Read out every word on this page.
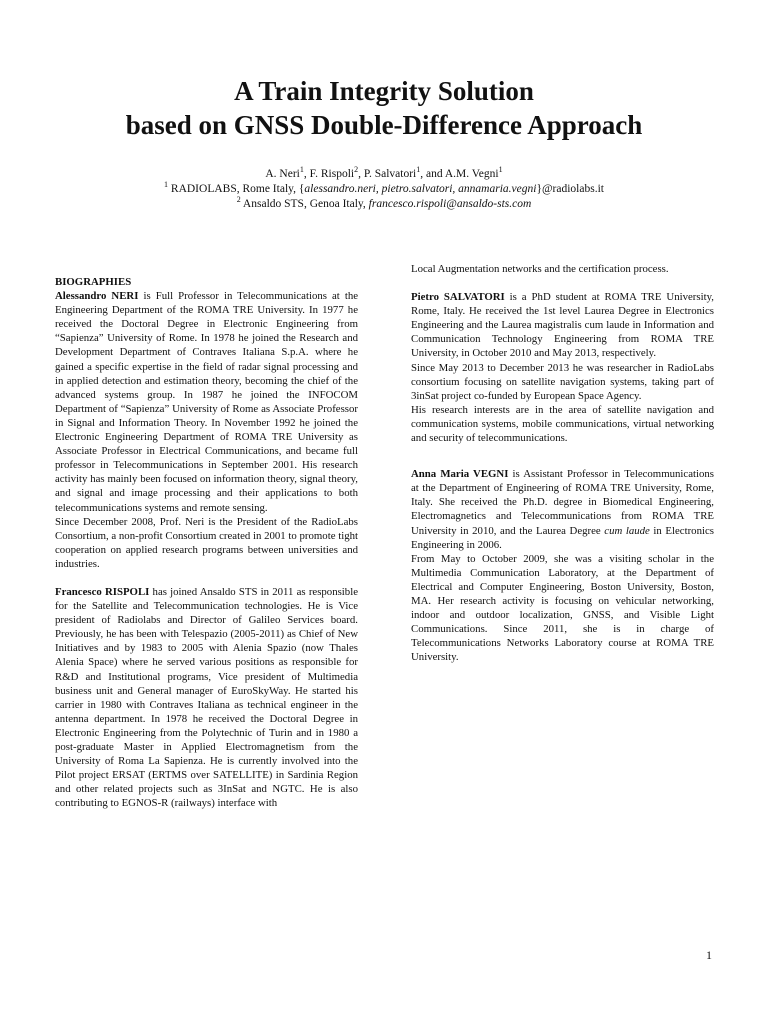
A Train Integrity Solution
based on GNSS Double-Difference Approach
A. Neri$^1$, F. Rispoli$^2$, P. Salvatori$^1$, and A.M. Vegni$^1$
$^1$ RADIOLABS, Rome Italy, {alessandro.neri, pietro.salvatori, annamaria.vegni}@radiolabs.it
$^2$ Ansaldo STS, Genoa Italy, francesco.rispoli@ansaldo-sts.com

BIOGRAPHIES

Alessandro NERI is Full Professor in Telecommunications at the Engineering Department of the ROMA TRE University. In 1977 he received the Doctoral Degree in Electronic Engineering from “Sapienza” University of Rome. In 1978 he joined the Research and Development Department of Contraves Italiana S.p.A. where he gained a specific expertise in the field of radar signal processing and in applied detection and estimation theory, becoming the chief of the advanced systems group. In 1987 he joined the INFOCOM Department of “Sapienza” University of Rome as Associate Professor in Signal and Information Theory. In November 1992 he joined the Electronic Engineering Department of ROMA TRE University as Associate Professor in Electrical Communications, and became full professor in Telecommunications in September 2001. His research activity has mainly been focused on information theory, signal theory, and signal and image processing and their applications to both telecommunications systems and remote sensing.

Since December 2008, Prof. Neri is the President of the RadioLabs Consortium, a non-profit Consortium created in 2001 to promote tight cooperation on applied research programs between universities and industries.

Francesco RISPOLI has joined Ansaldo STS in 2011 as responsible for the Satellite and Telecommunication technologies. He is Vice president of Radiolabs and Director of Galileo Services board. Previously, he has been with Telespazio (2005-2011) as Chief of New Initiatives and by 1983 to 2005 with Alenia Spazio (now Thales Alenia Space) where he served various positions as responsible for R&D and Institutional programs, Vice president of Multimedia business unit and General manager of EuroSkyWay. He started his carrier in 1980 with Contraves Italiana as technical engineer in the antenna department. In 1978 he received the Doctoral Degree in Electronic Engineering from the Polytechnic of Turin and in 1980 a post-graduate Master in Applied Electromagnetism from the University of Roma La Sapienza. He is currently involved into the Pilot project ERSAT (ERTMS over SATELLITE) in Sardinia Region and other related projects such as 3InSat and NGTC. He is also contributing to EGNOS-R (railways) interface with

Local Augmentation networks and the certification process.

Pietro SALVATORI is a PhD student at ROMA TRE University, Rome, Italy. He received the 1st level Laurea Degree in Electronics Engineering and the Laurea magistralis cum laude in Information and Communication Technology Engineering from ROMA TRE University, in October 2010 and May 2013, respectively.

Since May 2013 to December 2013 he was researcher in RadioLabs consortium focusing on satellite navigation systems, taking part of 3inSat project co-funded by European Space Agency.

His research interests are in the area of satellite navigation and communication systems, mobile communications, virtual networking and security of telecommunications.

Anna Maria VEGNI is Assistant Professor in Telecommunications at the Department of Engineering of ROMA TRE University, Rome, Italy. She received the Ph.D. degree in Biomedical Engineering, Electromagnetics and Telecommunications from ROMA TRE University in 2010, and the Laurea Degree cum laude in Electronics Engineering in 2006.

From May to October 2009, she was a visiting scholar in the Multimedia Communication Laboratory, at the Department of Electrical and Computer Engineering, Boston University, Boston, MA. Her research activity is focusing on vehicular networking, indoor and outdoor localization, GNSS, and Visible Light Communications. Since 2011, she is in charge of Telecommunications Networks Laboratory course at ROMA TRE University.

1
